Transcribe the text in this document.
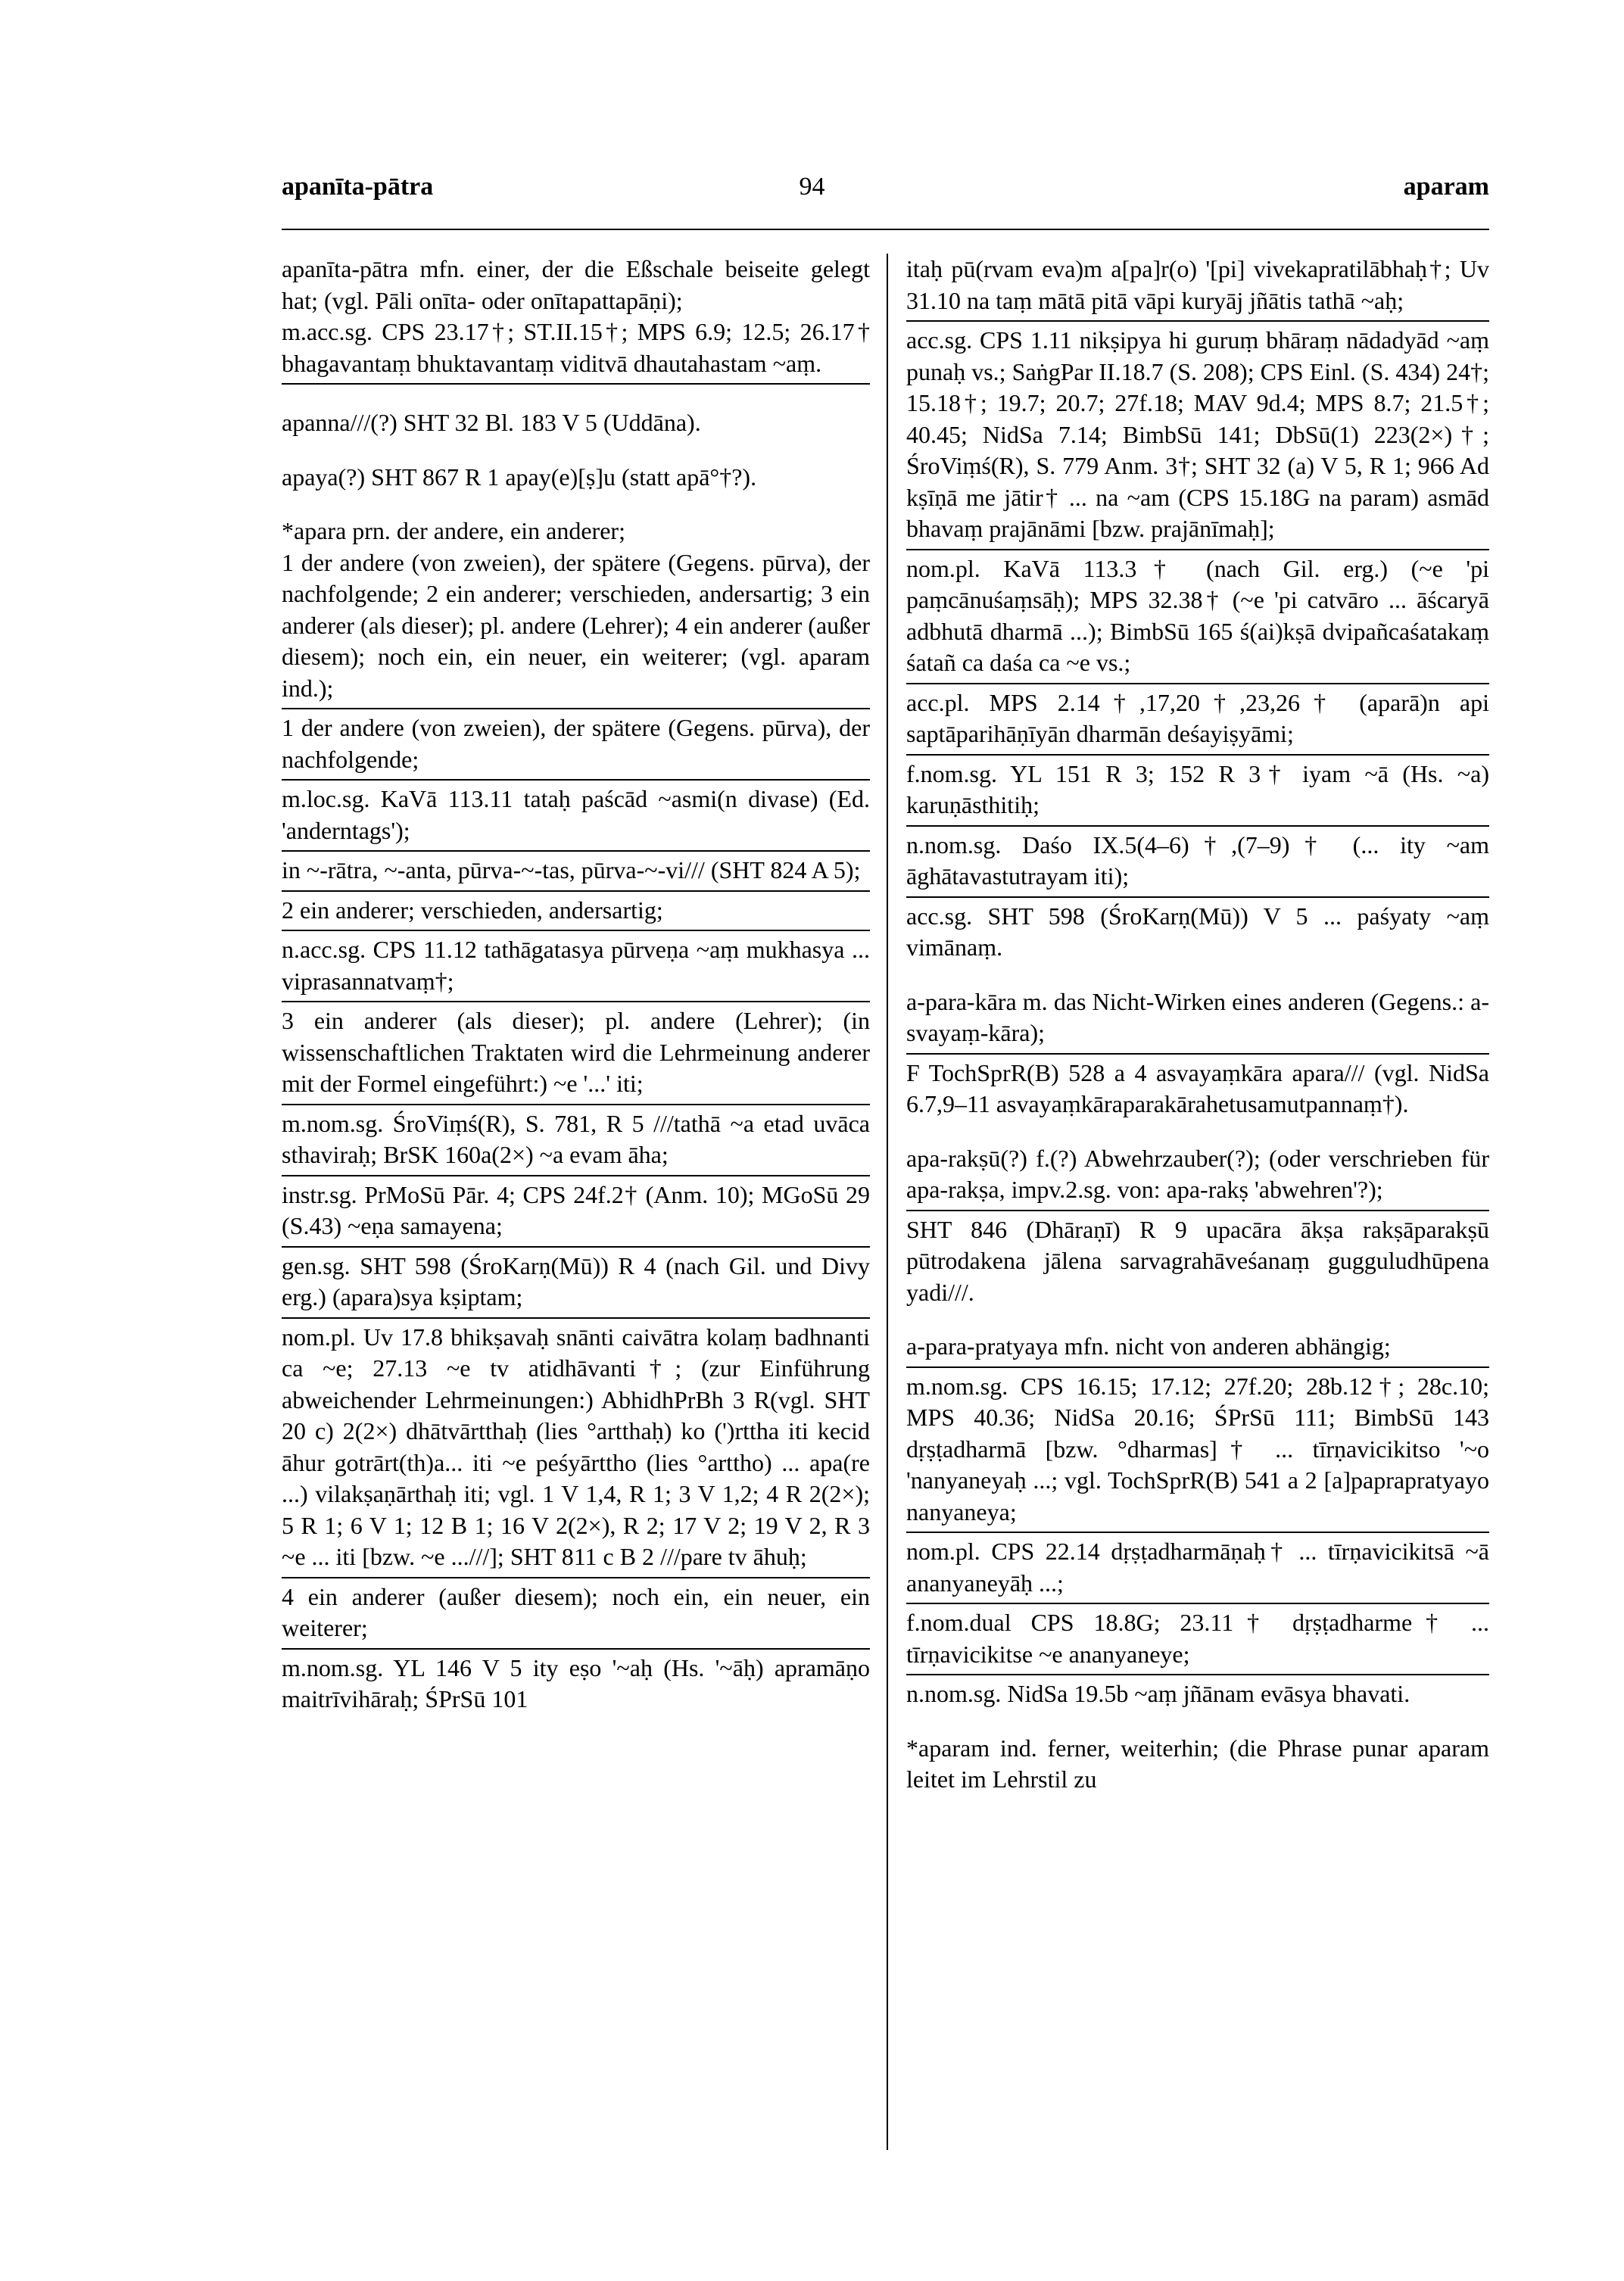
apanīta-pātra	94	aparam

apanīta-pātra mfn. einer, der die Eßschale beiseite gelegt hat; (vgl. Pāli onīta- oder onītapattapāṇi);

m.acc.sg. CPS 23.17†; ST.II.15†; MPS 6.9; 12.5; 26.17† bhagavantaṃ bhuktavantaṃ viditvā dhautahastam ~aṃ.

apanna///(?) SHT 32 Bl. 183 V 5 (Uddāna).

apaya(?) SHT 867 R 1 apay(e)[ṣ]u (statt apā°†?).

*apara prn. der andere, ein anderer;

1 der andere (von zweien), der spätere (Gegens. pūrva), der nachfolgende; 2 ein anderer; verschieden, andersartig; 3 ein anderer (als dieser); pl. andere (Lehrer); 4 ein anderer (außer diesem); noch ein, ein neuer, ein weiterer; (vgl. aparam ind.);

1 der andere (von zweien), der spätere (Gegens. pūrva), der nachfolgende;

m.loc.sg. KaVā 113.11 tataḥ paścād ~asmi(n divase) (Ed. 'anderntags');

in ~-rātra, ~-anta, pūrva-~-tas, pūrva-~-vi/// (SHT 824 A 5);

2 ein anderer; verschieden, andersartig;

n.acc.sg. CPS 11.12 tathāgatasya pūrveṇa ~aṃ mukhasya ... viprasannatvaṃ†;

3 ein anderer (als dieser); pl. andere (Lehrer); (in wissenschaftlichen Traktaten wird die Lehrmeinung anderer mit der Formel eingeführt:) ~e '...' iti;

m.nom.sg. ŚroViṃś(R), S. 781, R 5 ///tathā ~a etad uvāca sthaviraḥ; BrSK 160a(2×) ~a evam āha;

instr.sg. PrMoSū Pār. 4; CPS 24f.2† (Anm. 10); MGoSū 29 (S.43) ~eṇa samayena;

gen.sg. SHT 598 (ŚroKarṇ(Mū)) R 4 (nach Gil. und Divy erg.) (apara)sya kṣiptam;

nom.pl. Uv 17.8 bhikṣavaḥ snānti caivātra kolaṃ badhnanti ca ~e; 27.13 ~e tv atidhāvanti†; (zur Einführung abweichender Lehrmeinungen:) AbhidhPrBh 3 R(vgl. SHT 20 c) 2(2×) dhātvārtthaḥ (lies °artthaḥ) ko (')rttha iti kecid āhur gotrārt(th)a... iti ~e peśyārttho (lies °arttho) ... apa(re ...) vilakṣaṇārthaḥ iti; vgl. 1 V 1,4, R 1; 3 V 1,2; 4 R 2(2×); 5 R 1; 6 V 1; 12 B 1; 16 V 2(2×), R 2; 17 V 2; 19 V 2, R 3 ~e ... iti [bzw. ~e ...///]; SHT 811 c B 2 ///pare tv āhuḥ;

4 ein anderer (außer diesem); noch ein, ein neuer, ein weiterer;

m.nom.sg. YL 146 V 5 ity eṣo '~aḥ (Hs. '~āḥ) apramāṇo maitrīvihāraḥ; ŚPrSū 101

itaḥ pū(rvam eva)m a[pa]r(o) '[pi] vivekapratilābhaḥ†; Uv 31.10 na taṃ mātā pitā vāpi kuryāj jñātis tathā ~aḥ;

acc.sg. CPS 1.11 nikṣipya hi guruṃ bhāraṃ nādadyād ~aṃ punaḥ vs.; SaṅgPar II.18.7 (S. 208); CPS Einl. (S. 434) 24†; 15.18†; 19.7; 20.7; 27f.18; MAV 9d.4; MPS 8.7; 21.5†; 40.45; NidSa 7.14; BimbSū 141; DbSū(1) 223(2×)†; ŚroViṃś(R), S. 779 Anm. 3†; SHT 32 (a) V 5, R 1; 966 Ad kṣīṇā me jātir† ... na ~am (CPS 15.18G na param) asmād bhavaṃ prajānāmi [bzw. prajānīmaḥ];

nom.pl. KaVā 113.3† (nach Gil. erg.) (~e 'pi paṃcānuśaṃsāḥ); MPS 32.38† (~e 'pi catvāro ... āścaryā adbhutā dharmā ...); BimbSū 165 ś(ai)kṣā dvipañcaśatakaṃ śatañ ca daśa ca ~e vs.;

acc.pl. MPS 2.14†,17,20†,23,26† (aparā)n api saptāparihāṇīyān dharmān deśayiṣyāmi;

f.nom.sg. YL 151 R 3; 152 R 3† iyam ~ā (Hs. ~a) karuṇāsthitiḥ;

n.nom.sg. Daśo IX.5(4–6)†,(7–9)† (... ity ~am āghātavastutrayam iti);

acc.sg. SHT 598 (ŚroKarṇ(Mū)) V 5 ... paśyaty ~aṃ vimānaṃ.

a-para-kāra m. das Nicht-Wirken eines anderen (Gegens.: a-svayaṃ-kāra);

F TochSprR(B) 528 a 4 asvayaṃkāra apara/// (vgl. NidSa 6.7,9–11 asvayaṃkāraparakārahetusamutpannaṃ†).

apa-rakṣū(?) f.(?) Abwehrzauber(?); (oder verschrieben für apa-rakṣa, impv.2.sg. von: apa-rakṣ 'abwehren'?);

SHT 846 (Dhāraṇī) R 9 upacāra ākṣa rakṣāparakṣū pūtrodakena jālena sarvagrahāveśanaṃ gugguludhūpena yadi///.

a-para-pratyaya mfn. nicht von anderen abhängig;

m.nom.sg. CPS 16.15; 17.12; 27f.20; 28b.12†; 28c.10; MPS 40.36; NidSa 20.16; ŚPrSū 111; BimbSū 143 dṛṣṭadharmā [bzw. °dharmas]† ... tīrṇavicikitso '~o 'nanyaneyaḥ ...; vgl. TochSprR(B) 541 a 2 [a]paprapratyayo nanyaneya;

nom.pl. CPS 22.14 dṛṣṭadharmāṇaḥ† ... tīrṇavicikitsā ~ā ananyaneyāḥ ...;

f.nom.dual CPS 18.8G; 23.11† dṛṣṭadharme† ... tīrṇavicikitse ~e ananyaneye;

n.nom.sg. NidSa 19.5b ~aṃ jñānam evāsya bhavati.

*aparam ind. ferner, weiterhin; (die Phrase punar aparam leitet im Lehrstil zu
